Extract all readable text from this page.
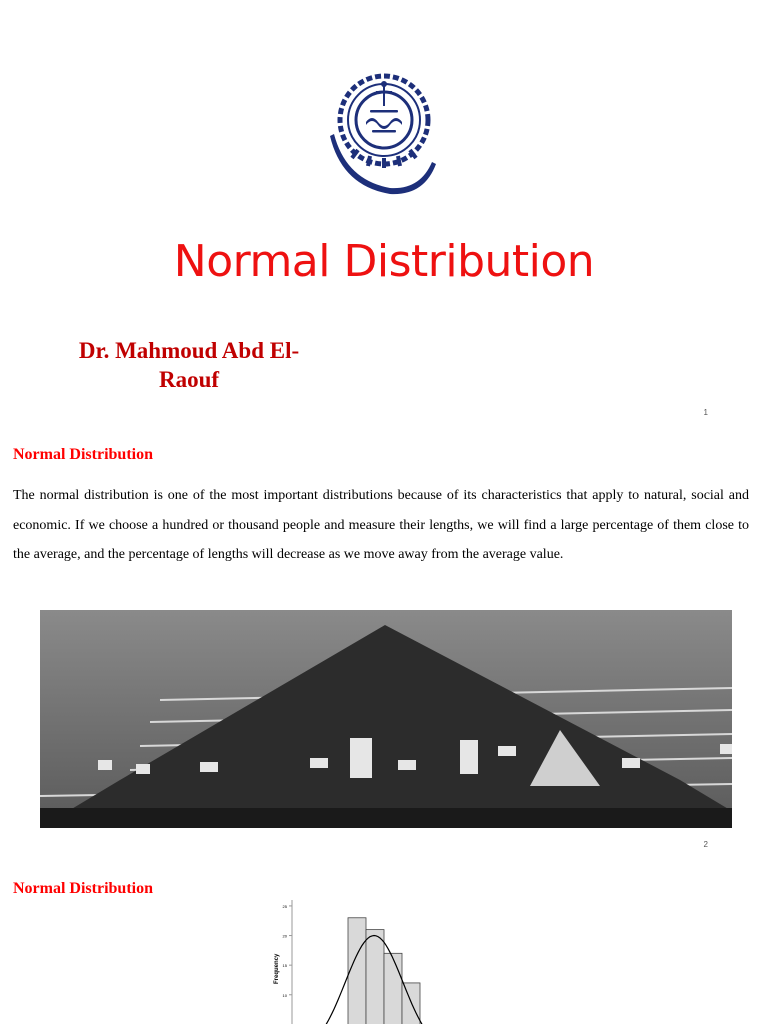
Normal Distribution
Dr. Mahmoud Abd El-
Raouf
1
Normal Distribution

The normal distribution is one of the most important distributions because of its characteristics that apply to natural, social and economic. If we choose a hundred or thousand people and measure their lengths, we will find a large percentage of them close to the average, and the percentage of lengths will decrease as we move away from the average value.

2
Normal Distribution
Frequency
25
20
15
10
